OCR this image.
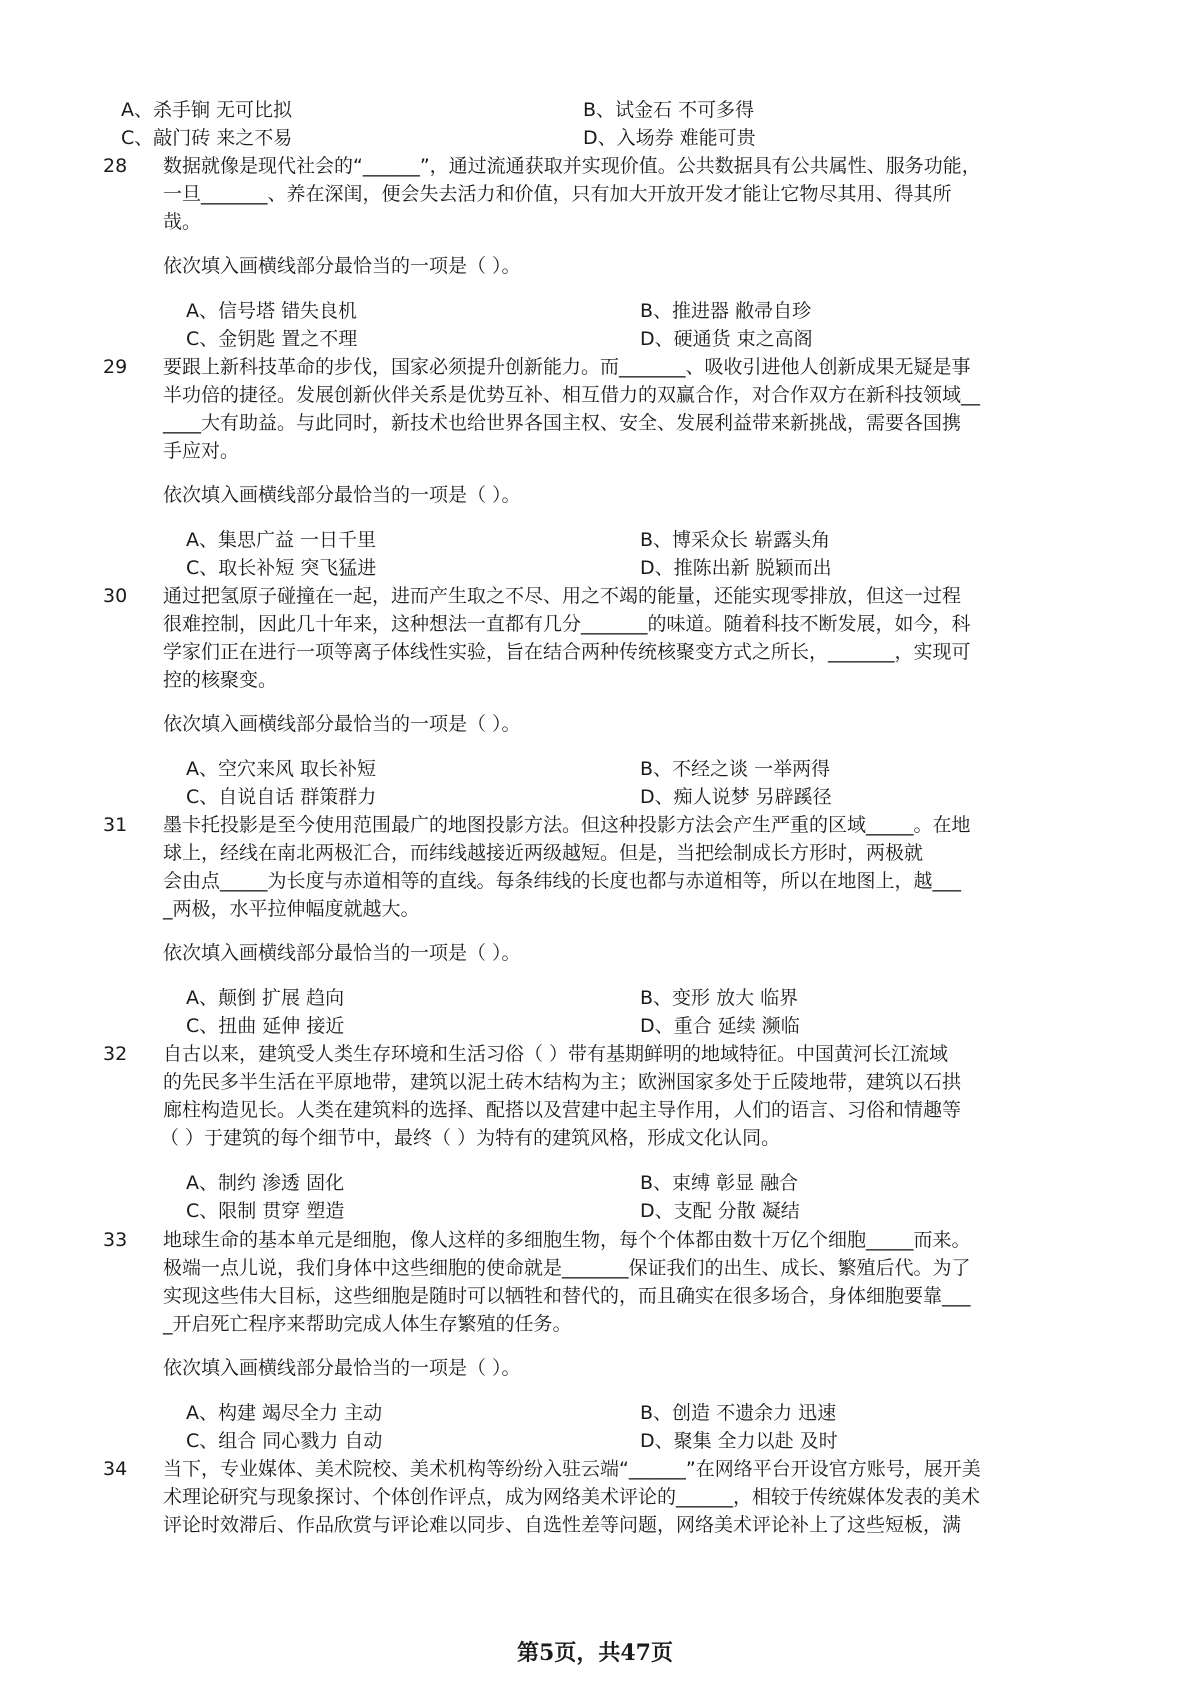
A、杀手锏 无可比拟	B、试金石 不可多得
C、敲门砖 来之不易	D、入场券 难能可贵
28 数据就像是现代社会的“______”，通过流通获取并实现价值。公共数据具有公共属性、服务功能，
一旦_______、养在深闺，便会失去活力和价值，只有加大开放开发才能让它物尽其用、得其所
哉。
依次填入画横线部分最恰当的一项是（ ）。
A、信号塔 错失良机	B、推进器 敝帚自珍
C、金钥匙 置之不理	D、硬通货 束之高阁
29 要跟上新科技革命的步伐，国家必须提升创新能力。而_______、吸收引进他人创新成果无疑是事
半功倍的捷径。发展创新伙伴关系是优势互补、相互借力的双赢合作，对合作双方在新科技领域__
____大有助益。与此同时，新技术也给世界各国主权、安全、发展利益带来新挑战，需要各国携
手应对。
依次填入画横线部分最恰当的一项是（ ）。
A、集思广益 一日千里	B、博采众长 崭露头角
C、取长补短 突飞猛进	D、推陈出新 脱颖而出
30 通过把氢原子碰撞在一起，进而产生取之不尽、用之不竭的能量，还能实现零排放，但这一过程
很难控制，因此几十年来，这种想法一直都有几分_______的味道。随着科技不断发展，如今，科
学家们正在进行一项等离子体线性实验，旨在结合两种传统核聚变方式之所长，_______，实现可
控的核聚变。
依次填入画横线部分最恰当的一项是（ ）。
A、空穴来风 取长补短	B、不经之谈 一举两得
C、自说自话 群策群力	D、痴人说梦 另辟蹊径
31 墨卡托投影是至今使用范围最广的地图投影方法。但这种投影方法会产生严重的区域_____。在地
球上，经线在南北两极汇合，而纬线越接近两级越短。但是，当把绘制成长方形时，两极就
会由点_____为长度与赤道相等的直线。每条纬线的长度也都与赤道相等，所以在地图上，越___
_两极，水平拉伸幅度就越大。
依次填入画横线部分最恰当的一项是（ ）。
A、颠倒 扩展 趋向	B、变形 放大 临界
C、扭曲 延伸 接近	D、重合 延续 濒临
32 自古以来，建筑受人类生存环境和生活习俗（ ）带有基期鲜明的地域特征。中国黄河长江流域
的先民多半生活在平原地带，建筑以泥土砖木结构为主；欧洲国家多处于丘陵地带，建筑以石拱
廊柱构造见长。人类在建筑料的选择、配搭以及营建中起主导作用，人们的语言、习俗和情趣等
（ ）于建筑的每个细节中，最终（ ）为特有的建筑风格，形成文化认同。
A、制约 渗透 固化	B、束缚 彰显 融合
C、限制 贯穿 塑造	D、支配 分散 凝结
33 地球生命的基本单元是细胞，像人这样的多细胞生物，每个个体都由数十万亿个细胞_____而来。
极端一点儿说，我们身体中这些细胞的使命就是_______保证我们的出生、成长、繁殖后代。为了
实现这些伟大目标，这些细胞是随时可以牺牲和替代的，而且确实在很多场合，身体细胞要靠___
_开启死亡程序来帮助完成人体生存繁殖的任务。
依次填入画横线部分最恰当的一项是（ ）。
A、构建 竭尽全力 主动	B、创造 不遗余力 迅速
C、组合 同心戮力 自动	D、聚集 全力以赴 及时
34 当下，专业媒体、美术院校、美术机构等纷纷入驻云端“______”在网络平台开设官方账号，展开美
术理论研究与现象探讨、个体创作评点，成为网络美术评论的______，相较于传统媒体发表的美术
评论时效滞后、作品欣赏与评论难以同步、自选性差等问题，网络美术评论补上了这些短板，满
第5页，共47页
